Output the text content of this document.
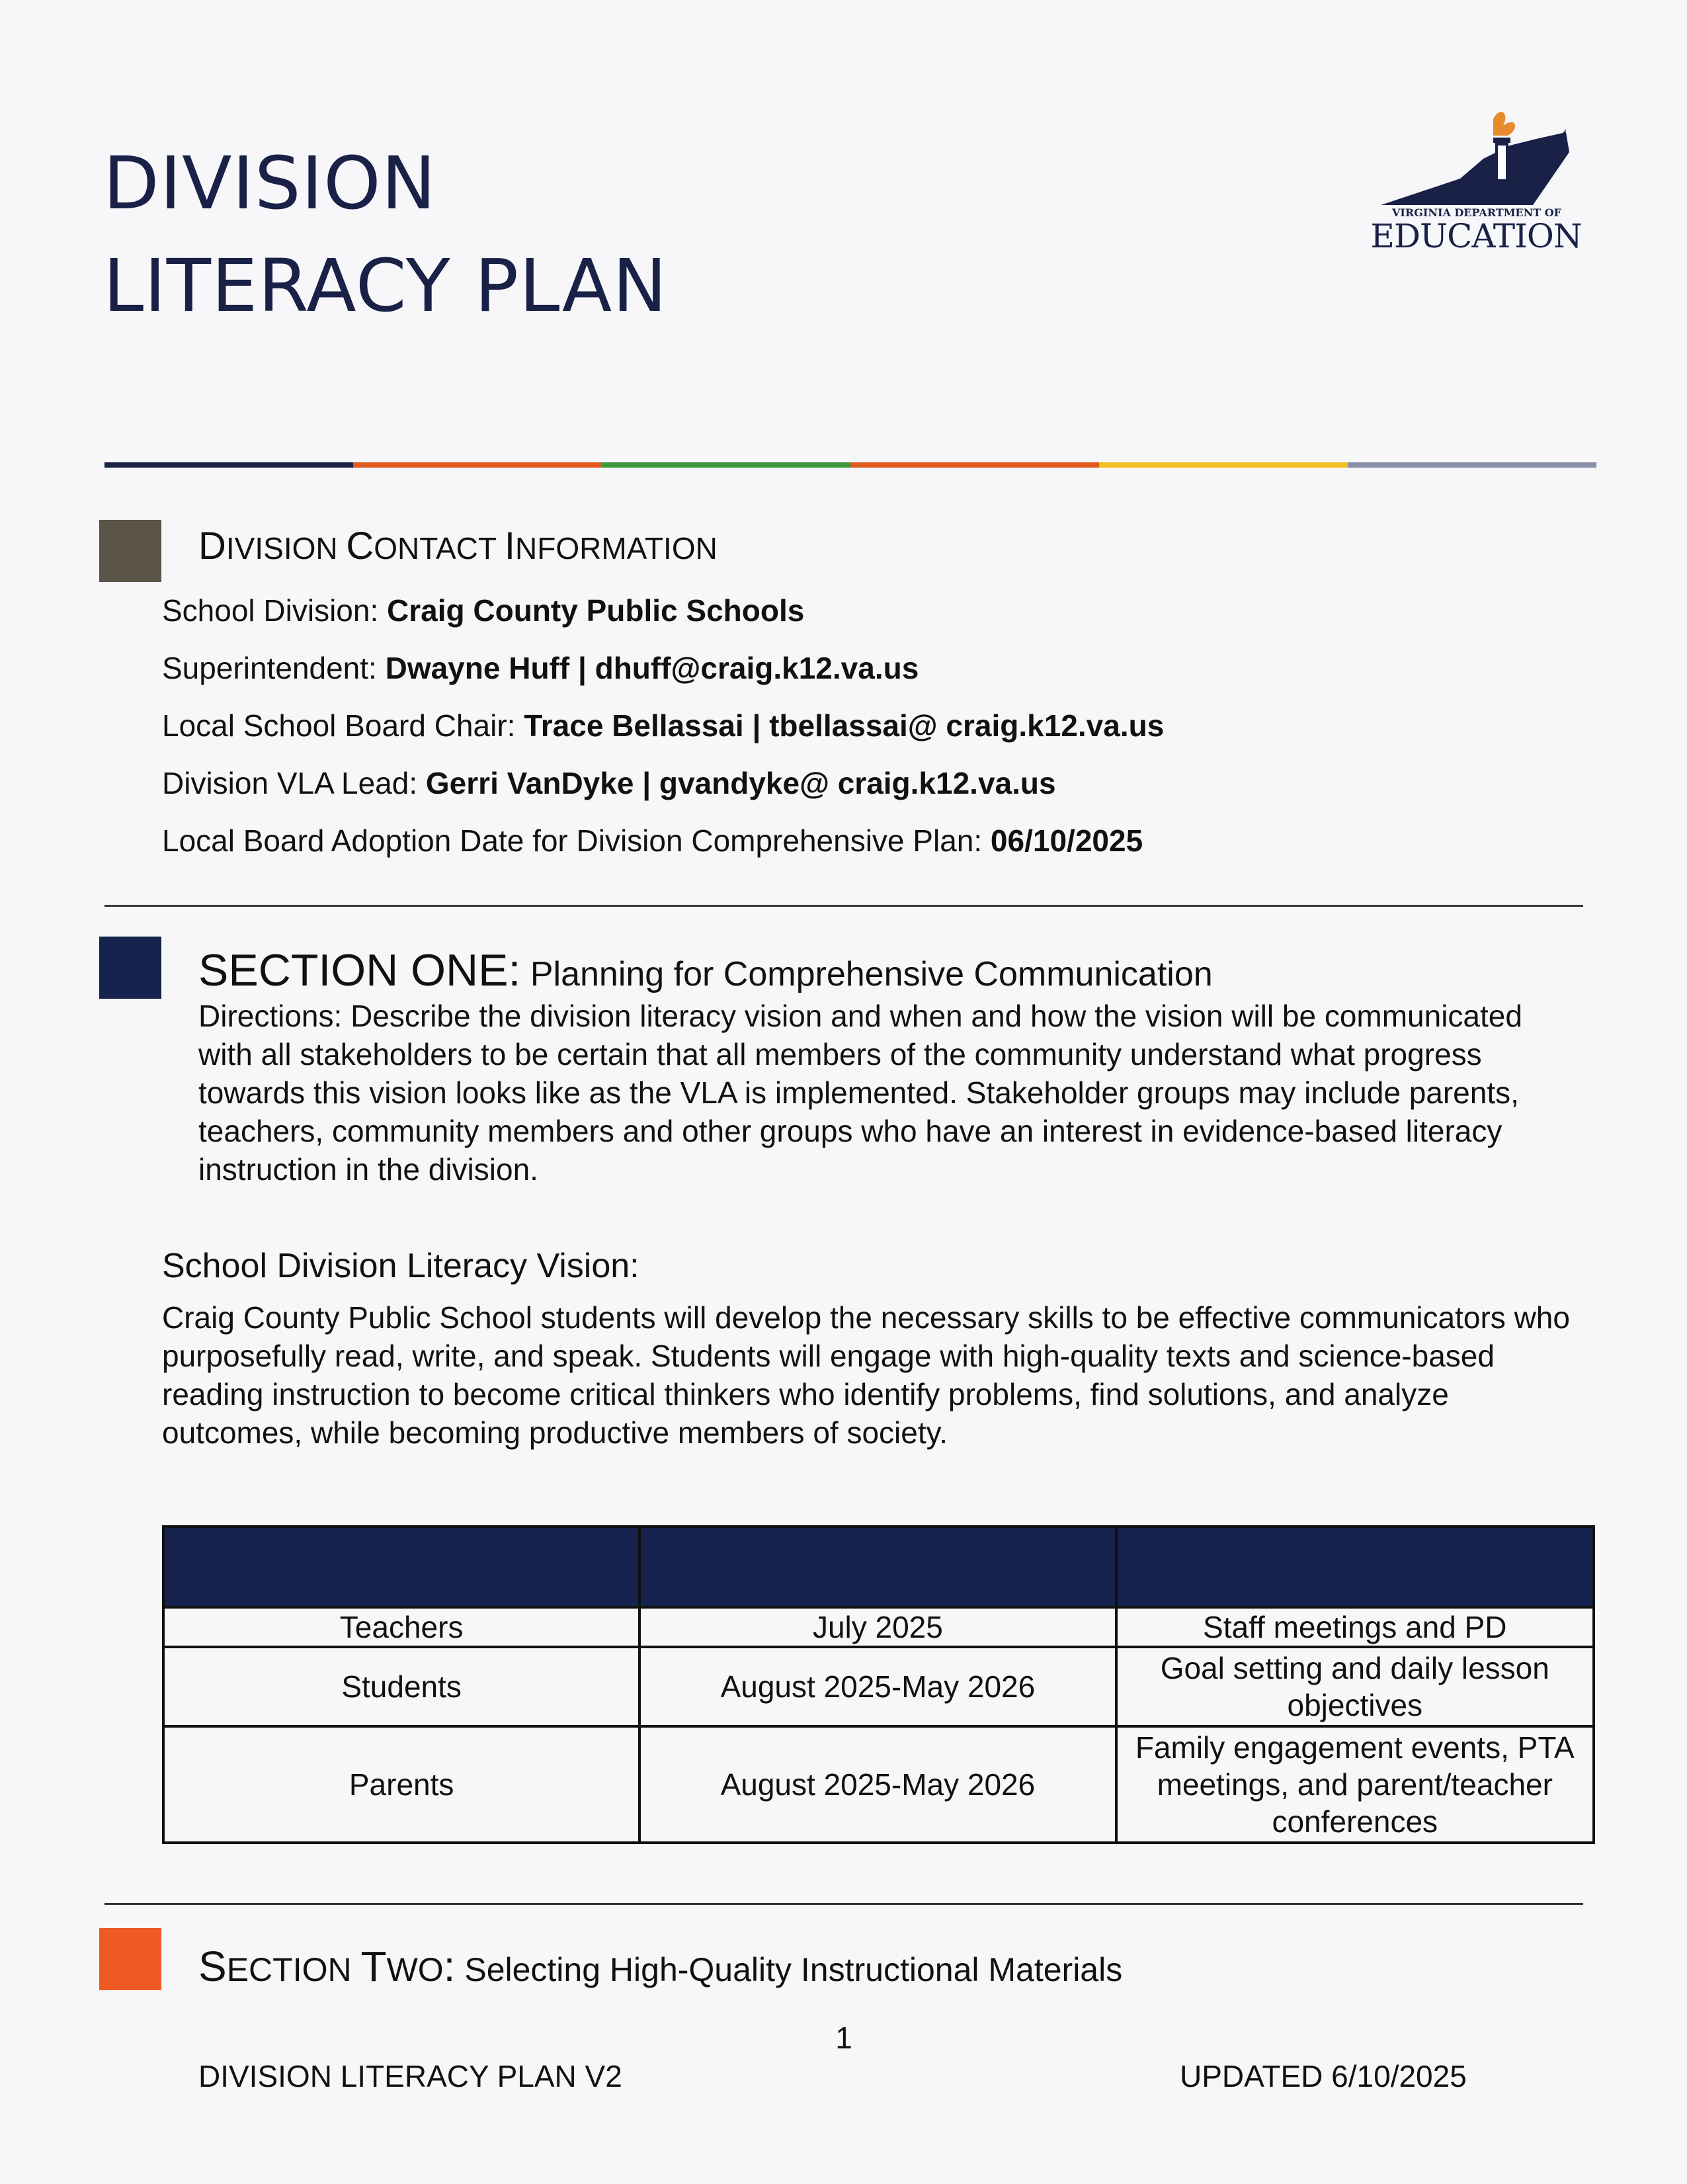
DIVISION
LITERACY PLAN
VIRGINIA DEPARTMENT OF
EDUCATION
DIVISION CONTACT INFORMATION
School Division: Craig County Public Schools
Superintendent: Dwayne Huff | dhuff@craig.k12.va.us
Local School Board Chair: Trace Bellassai | tbellassai@ craig.k12.va.us
Division VLA Lead: Gerri VanDyke | gvandyke@ craig.k12.va.us
Local Board Adoption Date for Division Comprehensive Plan: 06/10/2025
SECTION ONE: Planning for Comprehensive Communication
Directions: Describe the division literacy vision and when and how the vision will be communicated with all stakeholders to be certain that all members of the community understand what progress towards this vision looks like as the VLA is implemented. Stakeholder groups may include parents, teachers, community members and other groups who have an interest in evidence-based literacy instruction in the division.
School Division Literacy Vision:
Craig County Public School students will develop the necessary skills to be effective communicators who purposefully read, write, and speak. Students will engage with high-quality texts and science-based reading instruction to become critical thinkers who identify problems, find solutions, and analyze outcomes, while becoming productive members of society.
STAKEHOLDER GROUP	TIMELINE	PLAN FOR COMMUNICATING
Teachers	July 2025	Staff meetings and PD
Students	August 2025-May 2026	Goal setting and daily lesson objectives
Parents	August 2025-May 2026	Family engagement events, PTA meetings, and parent/teacher conferences
SECTION TWO: Selecting High-Quality Instructional Materials
1
DIVISION LITERACY PLAN V2	UPDATED 6/10/2025
